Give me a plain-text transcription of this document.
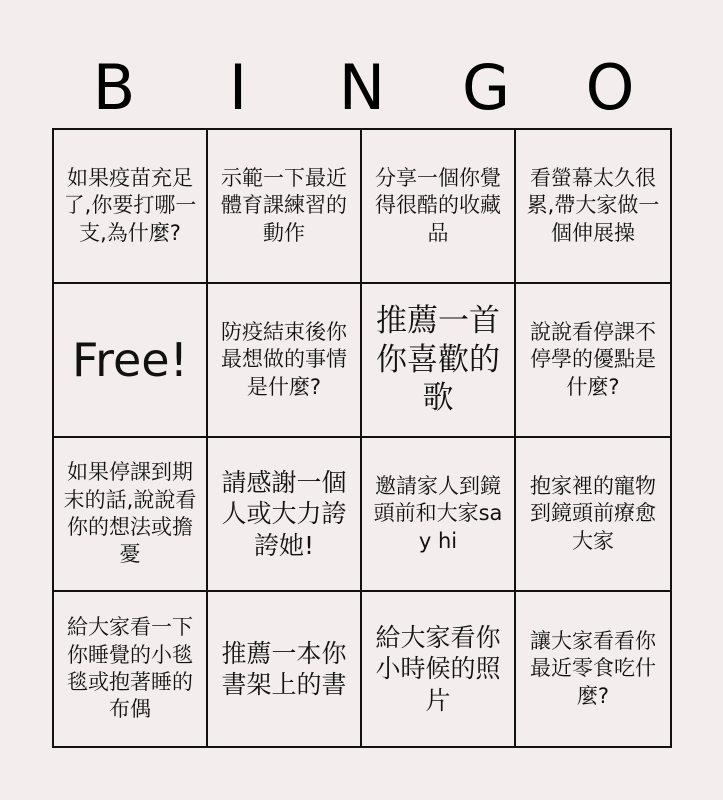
B	I	N	G	O
如果疫苗充足了,你要打哪一支,為什麼?
示範一下最近體育課練習的動作
分享一個你覺得很酷的收藏品
看螢幕太久很累,帶大家做一個伸展操
Free!
防疫結束後你最想做的事情是什麼?
推薦一首你喜歡的歌
說說看停課不停學的優點是什麼?
如果停課到期末的話,說說看你的想法或擔憂
請感謝一個人或大力誇誇她!
邀請家人到鏡頭前和大家say hi
抱家裡的寵物到鏡頭前療愈大家
給大家看一下你睡覺的小毯毯或抱著睡的布偶
推薦一本你書架上的書
給大家看你小時候的照片
讓大家看看你最近零食吃什麼?
